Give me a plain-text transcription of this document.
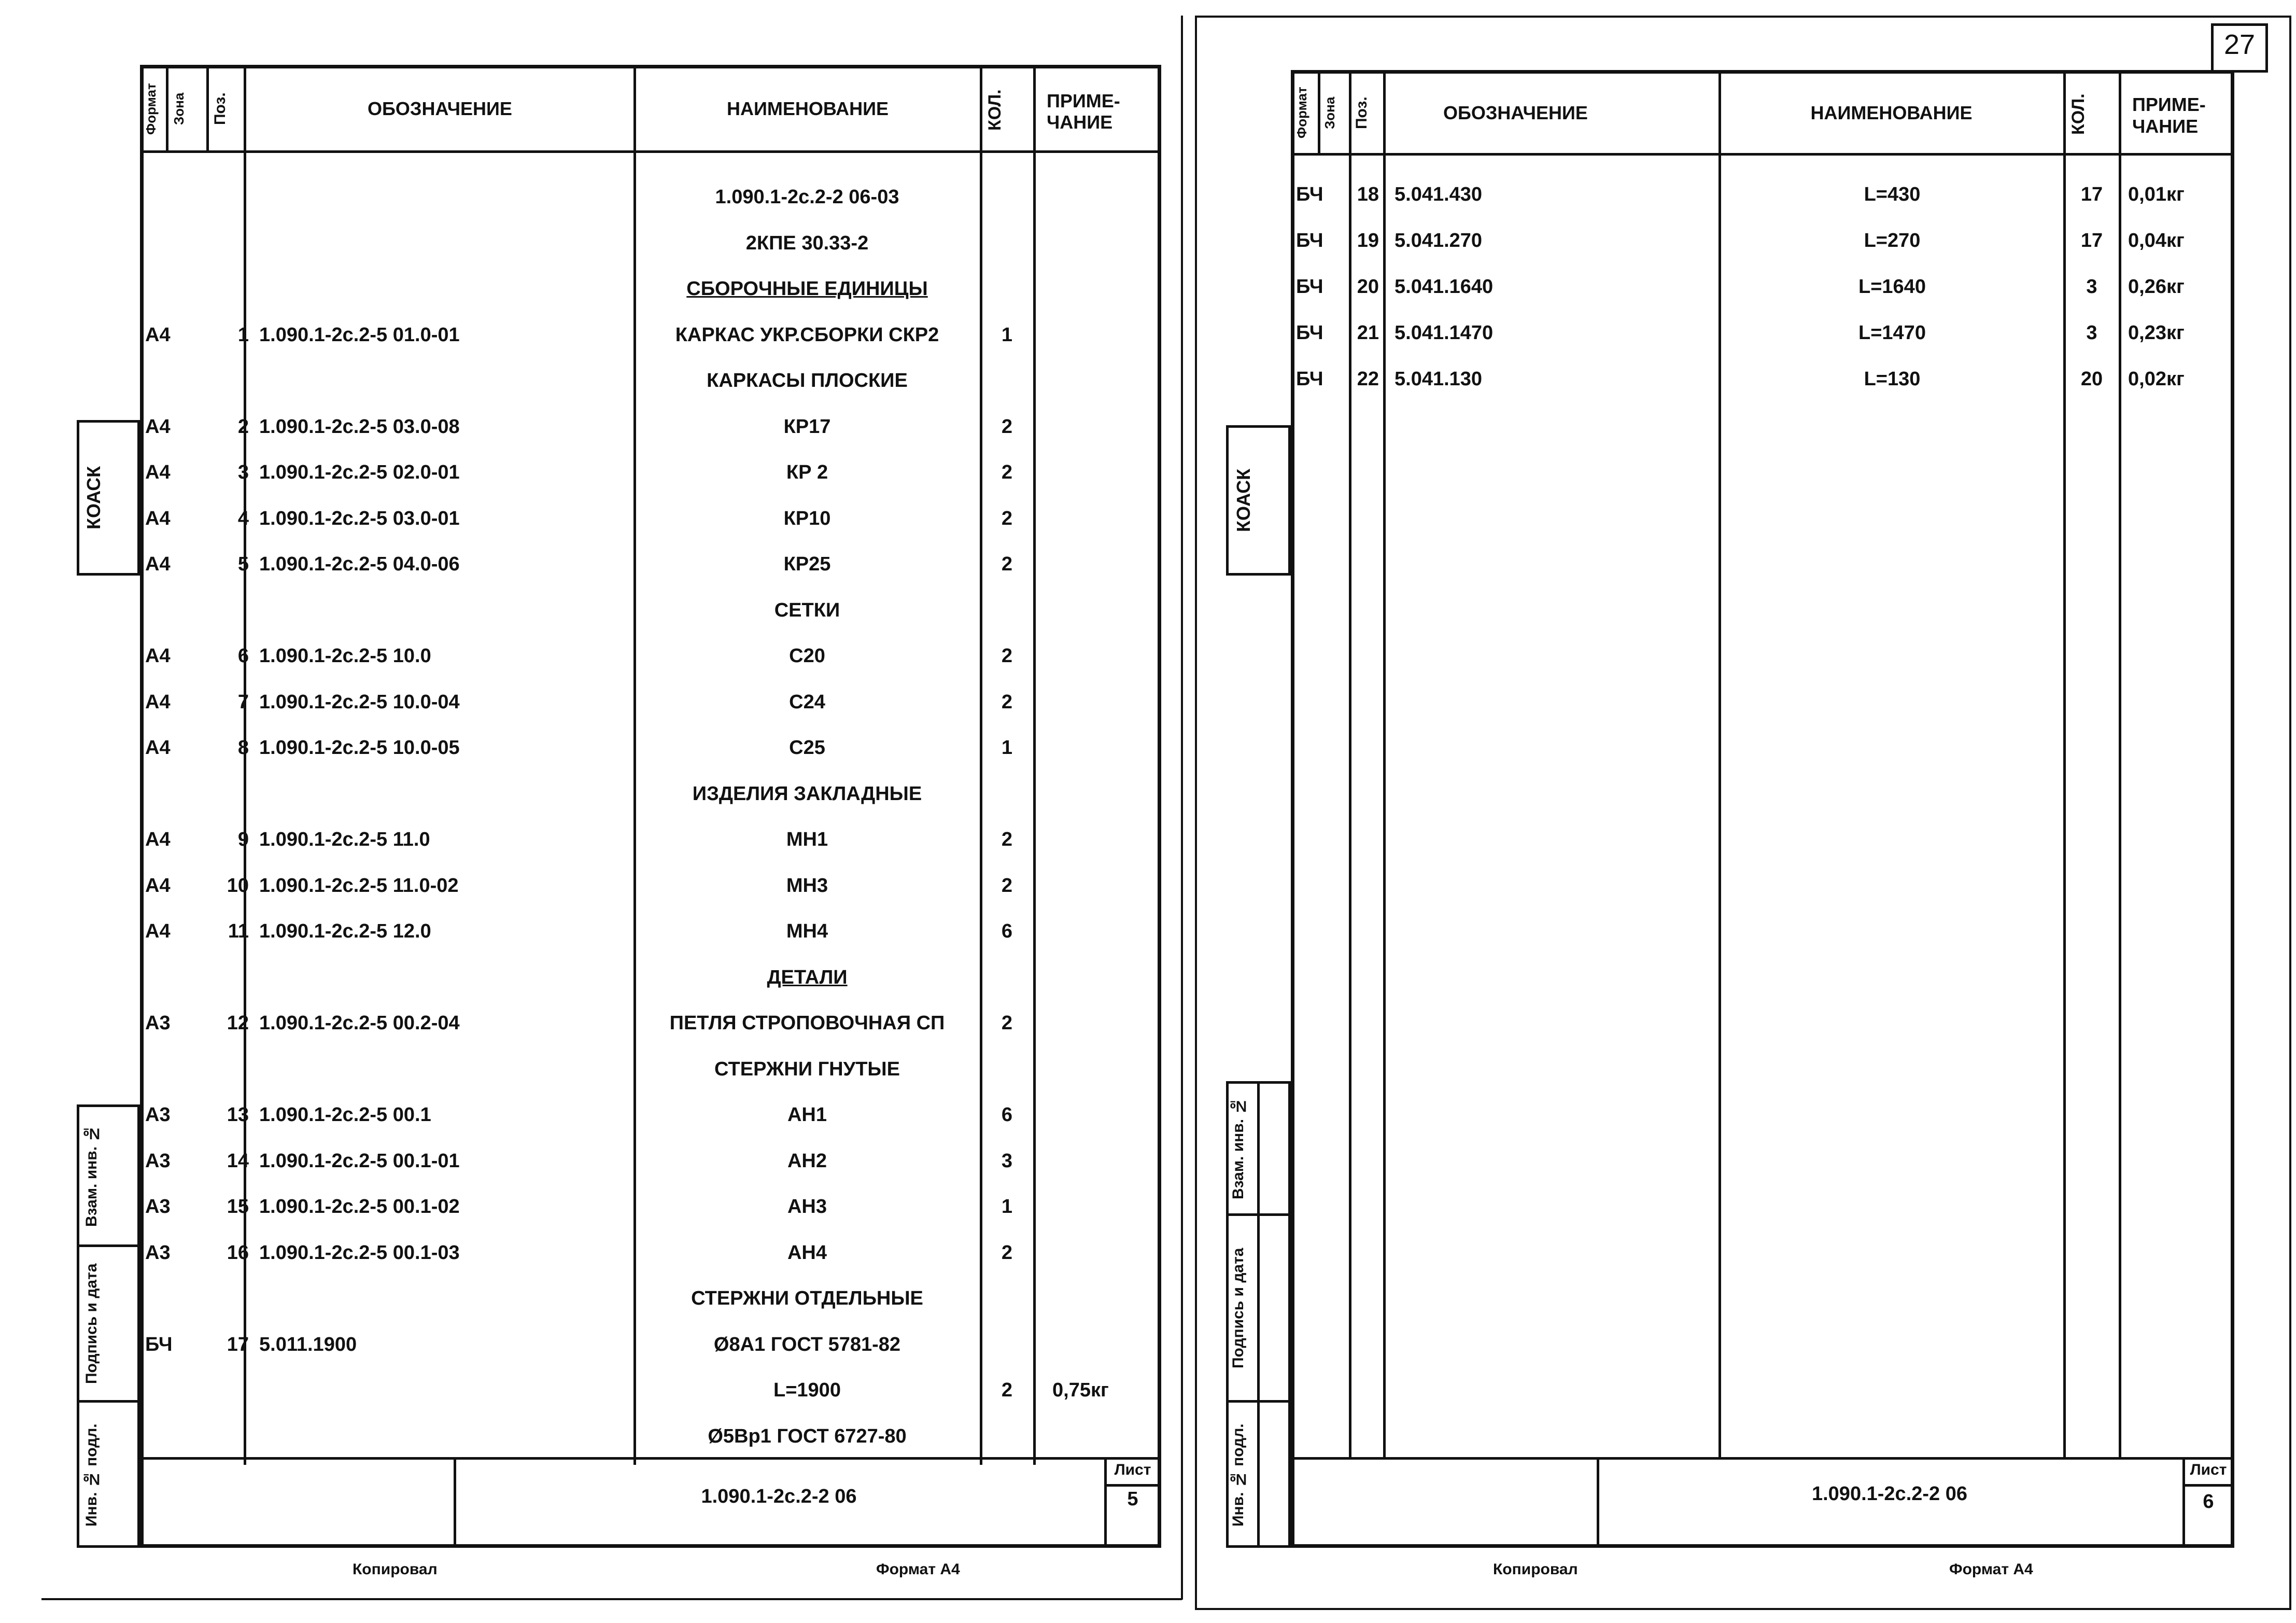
Формат Зона	Поз.	ОБОЗНАЧЕНИЕ	НАИМЕНОВАНИЕ	КОЛ.	ПРИМЕ-
ЧАНИЕ
1.090.1-2с.2-2 06-03
2КПЕ 30.33-2
СБОРОЧНЫЕ ЕДИНИЦЫ
А4	1 1.090.1-2с.2-5 01.0-01	КАРКАС УКР.СБОРКИ СКР2	1
КАРКАСЫ ПЛОСКИЕ
А4	2 1.090.1-2с.2-5 03.0-08	КР17	2
А4	3 1.090.1-2с.2-5 02.0-01	КР 2	2
А4	4 1.090.1-2с.2-5 03.0-01	КР10	2
А4	5 1.090.1-2с.2-5 04.0-06	КР25	2
СЕТКИ
А4	6 1.090.1-2с.2-5 10.0	С20	2
А4	7 1.090.1-2с.2-5 10.0-04	С24	2
А4	8 1.090.1-2с.2-5 10.0-05	С25	1
ИЗДЕЛИЯ ЗАКЛАДНЫЕ
А4	9 1.090.1-2с.2-5 11.0	МН1	2
А4	10 1.090.1-2с.2-5 11.0-02	МН3	2
А4	11 1.090.1-2с.2-5 12.0	МН4	6
ДЕТАЛИ
А3	12 1.090.1-2с.2-5 00.2-04	ПЕТЛЯ СТРОПОВОЧНАЯ СП	2
СТЕРЖНИ ГНУТЫЕ
А3	13 1.090.1-2с.2-5 00.1	АН1	6
А3	14 1.090.1-2с.2-5 00.1-01	АН2	3
А3	15 1.090.1-2с.2-5 00.1-02	АН3	1
А3	16 1.090.1-2с.2-5 00.1-03	АН4	2
СТЕРЖНИ ОТДЕЛЬНЫЕ
БЧ	17 5.011.1900	Ø8А1 ГОСТ 5781-82
L=1900	2	0,75кг
Ø5Вр1 ГОСТ 6727-80
1.090.1-2с.2-2 06
Лист
5
КОАСК
Взам. инв. №
Подпись и дата
Инв. № подл.
Копировал	Формат А4
27
Формат Зона	Поз.	ОБОЗНАЧЕНИЕ	НАИМЕНОВАНИЕ	КОЛ.	ПРИМЕ-
ЧАНИЕ
БЧ	18 5.041.430	L=430	17	0,01кг
БЧ	19 5.041.270	L=270	17	0,04кг
БЧ	20 5.041.1640	L=1640	3	0,26кг
БЧ	21 5.041.1470	L=1470	3	0,23кг
БЧ	22 5.041.130	L=130	20	0,02кг
1.090.1-2с.2-2 06
Лист
6
КОАСК
Взам. инв. №
Подпись и дата
Инв. № подл.
Копировал	Формат А4
